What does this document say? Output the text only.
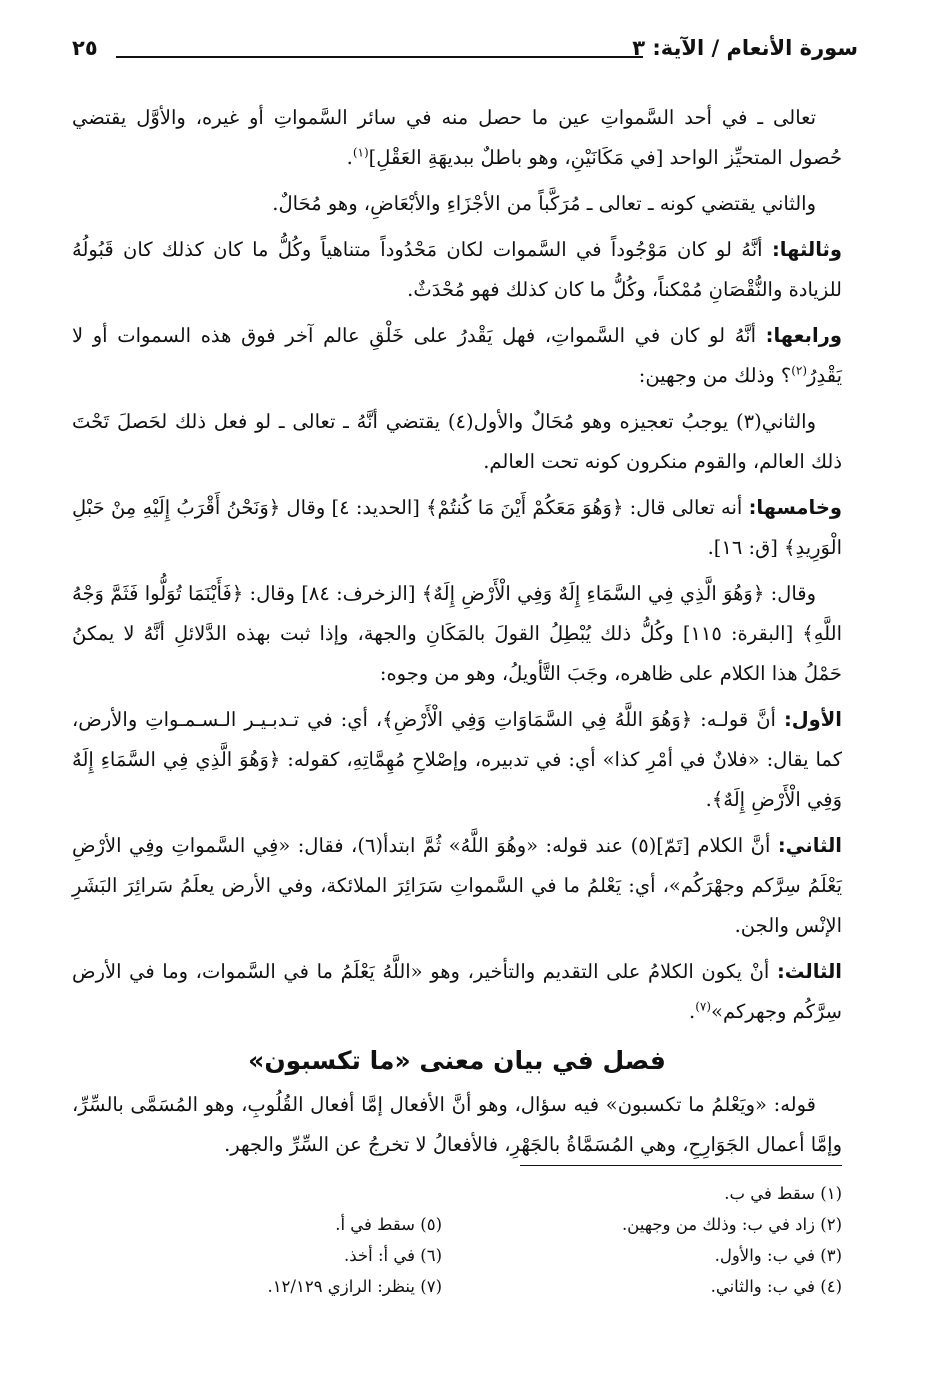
سورة الأنعام / الآية: ٣
٢٥

تعالى ـ في أحد السَّمواتِ عين ما حصل منه في سائر السَّمواتِ أو غيره، والأوَّل يقتضي حُصول المتحيِّز الواحد [في مَكَانَيْنِ، وهو باطلٌ ببديهَةِ العَقْلِ]$^{(١)}$.

والثاني يقتضي كونه ـ تعالى ـ مُرَكَّباً من الأجْزَاءِ والأبْعَاضِ، وهو مُحَالٌ.

وثالثها: أنَّهُ لو كان مَوْجُوداً في السَّموات لكان مَحْدُوداً متناهياً وكُلُّ ما كان كذلك كان قَبُولُهُ للزيادة والنُّقْصَانِ مُمْكناً، وكُلُّ ما كان كذلك فهو مُحْدَثٌ.

ورابعها: أنَّهُ لو كان في السَّمواتِ، فهل يَقْدرُ على خَلْقِ عالم آخر فوق هذه السموات أو لا يَقْدِرُ$^{(٢)}$؟ وذلك من وجهين:

والثاني(٣) يوجبُ تعجيزه وهو مُحَالٌ والأول(٤) يقتضي أنَّهُ ـ تعالى ـ لو فعل ذلك لحَصلَ تَحْتَ ذلك العالم، والقوم منكرون كونه تحت العالم.

وخامسها: أنه تعالى قال: ﴿وَهُوَ مَعَكُمْ أَيْنَ مَا كُنتُمْ﴾ [الحديد: ٤] وقال ﴿وَنَحْنُ أَقْرَبُ إِلَيْهِ مِنْ حَبْلِ الْوَرِيدِ﴾ [ق: ١٦].

وقال: ﴿وَهُوَ الَّذِي فِي السَّمَاءِ إِلَهٌ وَفِي الْأَرْضِ إِلَهٌ﴾ [الزخرف: ٨٤] وقال: ﴿فَأَيْنَمَا تُوَلُّوا فَثَمَّ وَجْهُ اللَّهِ﴾ [البقرة: ١١٥] وكُلُّ ذلك يُبْطِلُ القولَ بالمَكَانِ والجهة، وإذا ثبت بهذه الدَّلائلِ أنَّهُ لا يمكنُ حَمْلُ هذا الكلام على ظاهره، وجَبَ التَّأويلُ، وهو من وجوه:

الأول: أنَّ قولـه: ﴿وَهُوَ اللَّهُ فِي السَّمَاوَاتِ وَفِي الْأَرْضِ﴾، أي: في تـدبـيـر الـسـمـواتِ والأرض، كما يقال: «فلانٌ في أمْرِ كذا» أي: في تدبيره، وإصْلاحِ مُهِمَّاتِهِ، كقوله: ﴿وَهُوَ الَّذِي فِي السَّمَاءِ إِلَهٌ وَفِي الْأَرْضِ إِلَهٌ﴾.

الثاني: أنَّ الكلام [تَمّ](٥) عند قوله: «وهُوَ اللَّهُ» ثُمَّ ابتدأ(٦)، فقال: «فِي السَّمواتِ وفِي الأرْضِ يَعْلَمُ سِرَّكم وجهْرَكُم»، أي: يَعْلمُ ما في السَّمواتِ سَرَائِرَ الملائكة، وفي الأرض يعلَمُ سَرائِرَ البَشَرِ الإنْس والجن.

الثالث: أنْ يكون الكلامُ على التقديم والتأخير، وهو «اللَّهُ يَعْلَمُ ما في السَّموات، وما في الأرض سِرَّكُم وجهركم»$^{(٧)}$.

فصل في بيان معنى «ما تكسبون»

قوله: «ويَعْلمُ ما تكسبون» فيه سؤال، وهو أنَّ الأفعال إمَّا أفعال القُلُوبِ، وهو المُسَمَّى بالسِّرِّ، وإمَّا أعمال الجَوَارِحِ، وهي المُسَمَّاةُ بالجَهْرِ، فالأفعالُ لا تخرجُ عن السِّرِّ والجهر.

(١) سقط في ب.
(٢) زاد في ب: وذلك من وجهين.
(٥) سقط في أ.
(٣) في ب: والأول.
(٦) في أ: أخذ.
(٤) في ب: والثاني.
(٧) ينظر: الرازي ١٢/١٢٩.
